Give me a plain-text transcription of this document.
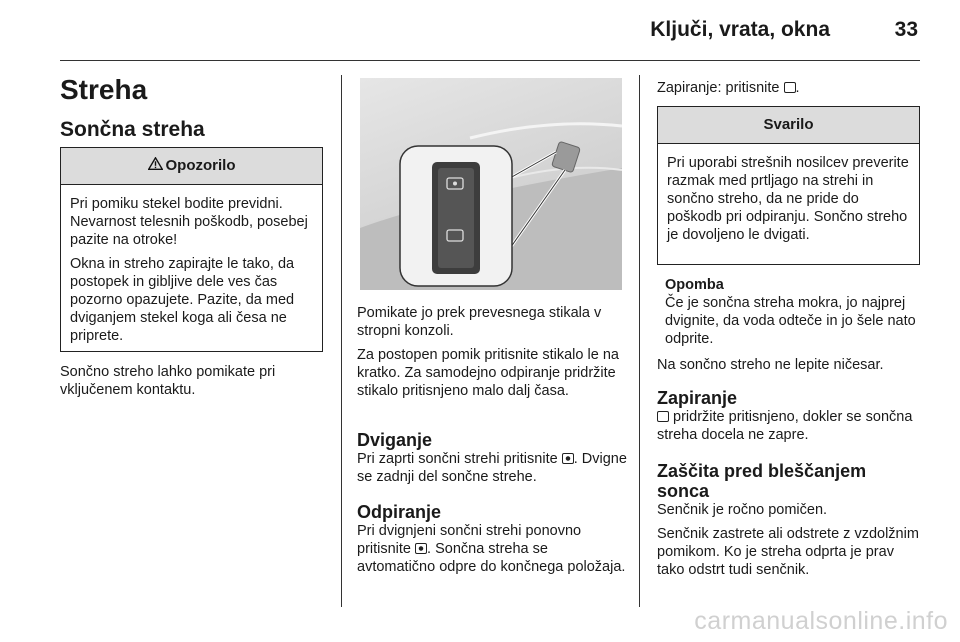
Ključi, vrata, okna	33
Streha
Sončna streha
Opozorilo

Pri pomiku stekel bodite previdni. Nevarnost telesnih poškodb, posebej pazite na otroke!

Okna in streho zapirajte le tako, da postopek in gibljive dele ves čas pozorno opazujete. Pazite, da med dviganjem stekel koga ali česa ne priprete.

Sončno streho lahko pomikate pri vključenem kontaktu.

Pomikate jo prek prevesnega stikala v stropni konzoli.

Za postopen pomik pritisnite stikalo le na kratko. Za samodejno odpiranje pridržite stikalo pritisnjeno malo dalj časa.

Dviganje

Pri zaprti sončni strehi pritisnite . Dvigne se zadnji del sončne strehe.

Odpiranje

Pri dvignjeni sončni strehi ponovno pritisnite . Sončna streha se avtomatično odpre do končnega položaja.

Zapiranje: pritisnite .

Svarilo

Pri uporabi strešnih nosilcev preverite razmak med prtljago na strehi in sončno streho, da ne pride do poškodb pri odpiranju. Sončno streho je dovoljeno le dvigati.

Opomba

Če je sončna streha mokra, jo najprej dvignite, da voda odteče in jo šele nato odprite.

Na sončno streho ne lepite ničesar.

Zapiranje

pridržite pritisnjeno, dokler se sončna streha docela ne zapre.

Zaščita pred bleščanjem sonca

Senčnik je ročno pomičen.

Senčnik zastrete ali odstrete z vzdolžnim pomikom. Ko je streha odprta je prav tako odstrt tudi senčnik.

carmanualsonline.info
